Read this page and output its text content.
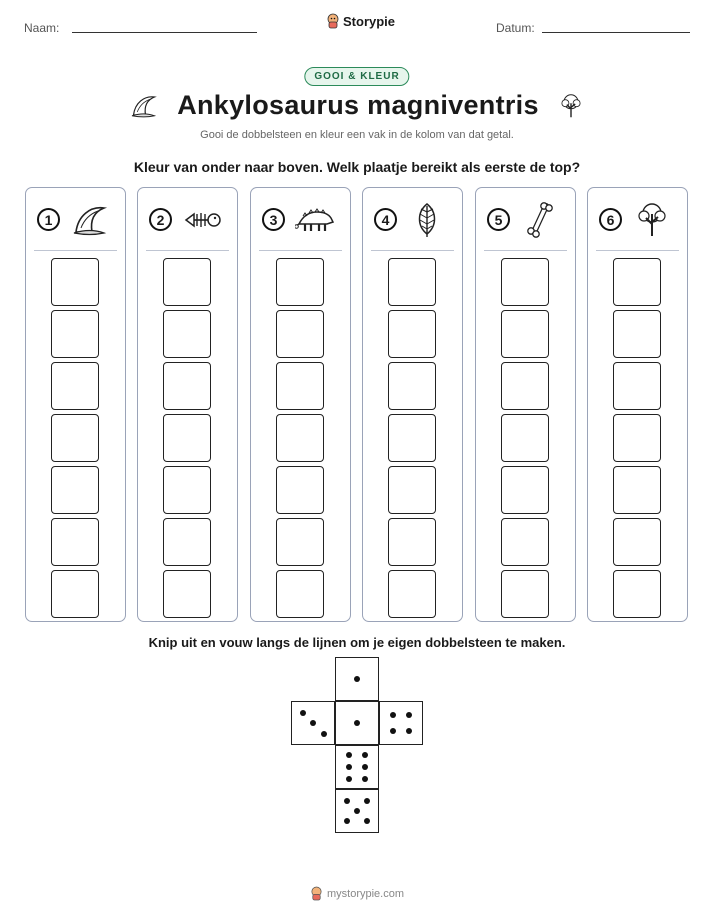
Naam:	Storypie	Datum:
GOOI & KLEUR
Ankylosaurus magniventris
Gooi de dobbelsteen en kleur een vak in de kolom van dat getal.
Kleur van onder naar boven. Welk plaatje bereikt als eerste de top?
1	2	3	4	5	6
Knip uit en vouw langs de lijnen om je eigen dobbelsteen te maken.
mystorypie.com
